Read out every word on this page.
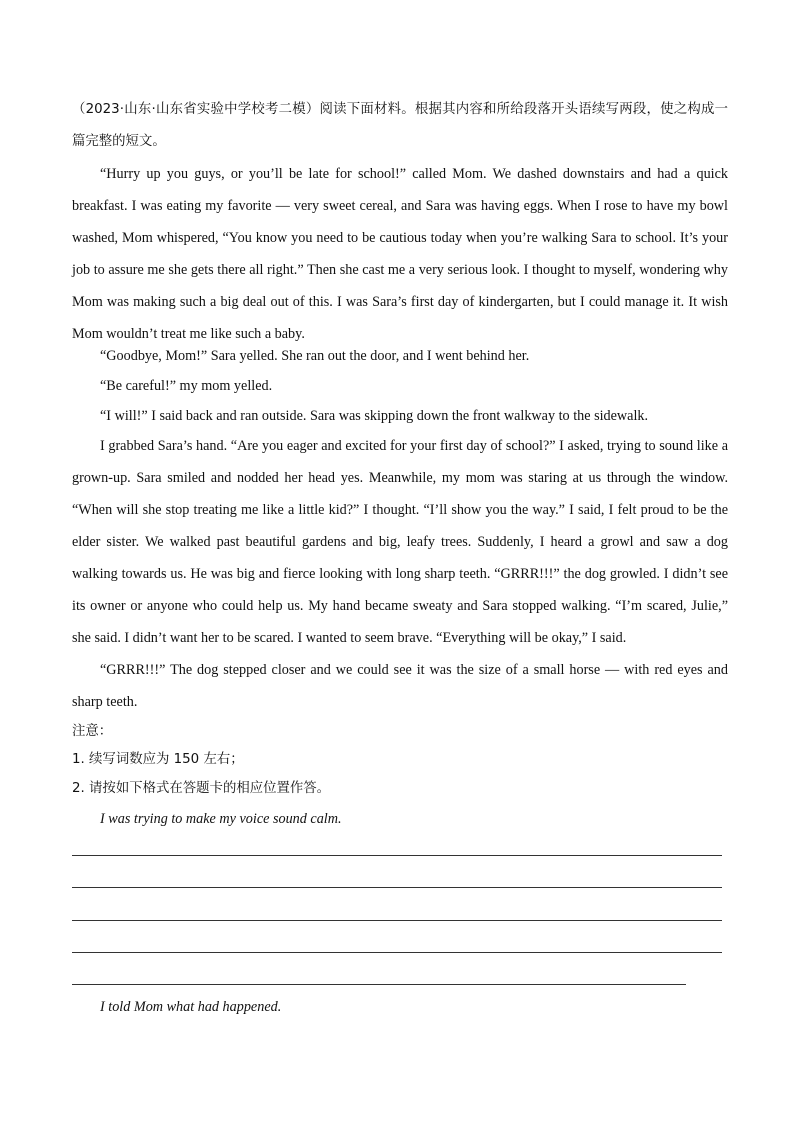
（2023·山东·山东省实验中学校考二模）阅读下面材料。根据其内容和所给段落开头语续写两段，使之构成一篇完整的短文。

“Hurry up you guys, or you’ll be late for school!” called Mom. We dashed downstairs and had a quick breakfast. I was eating my favorite — very sweet cereal, and Sara was having eggs. When I rose to have my bowl washed, Mom whispered, “You know you need to be cautious today when you’re walking Sara to school. It’s your job to assure me she gets there all right.” Then she cast me a very serious look. I thought to myself, wondering why Mom was making such a big deal out of this. I was Sara’s first day of kindergarten, but I could manage it. It wish Mom wouldn’t treat me like such a baby.

“Goodbye, Mom!” Sara yelled. She ran out the door, and I went behind her.

“Be careful!” my mom yelled.

“I will!” I said back and ran outside. Sara was skipping down the front walkway to the sidewalk.

I grabbed Sara’s hand. “Are you eager and excited for your first day of school?” I asked, trying to sound like a grown-up. Sara smiled and nodded her head yes. Meanwhile, my mom was staring at us through the window. “When will she stop treating me like a little kid?” I thought. “I’ll show you the way.” I said, I felt proud to be the elder sister. We walked past beautiful gardens and big, leafy trees. Suddenly, I heard a growl and saw a dog walking towards us. He was big and fierce looking with long sharp teeth. “GRRR!!!” the dog growled. I didn’t see its owner or anyone who could help us. My hand became sweaty and Sara stopped walking. “I’m scared, Julie,” she said. I didn’t want her to be scared. I wanted to seem brave. “Everything will be okay,” I said.

“GRRR!!!” The dog stepped closer and we could see it was the size of a small horse — with red eyes and sharp teeth.

注意：

1. 续写词数应为 150 左右；

2. 请按如下格式在答题卡的相应位置作答。

I was trying to make my voice sound calm.

I told Mom what had happened.
